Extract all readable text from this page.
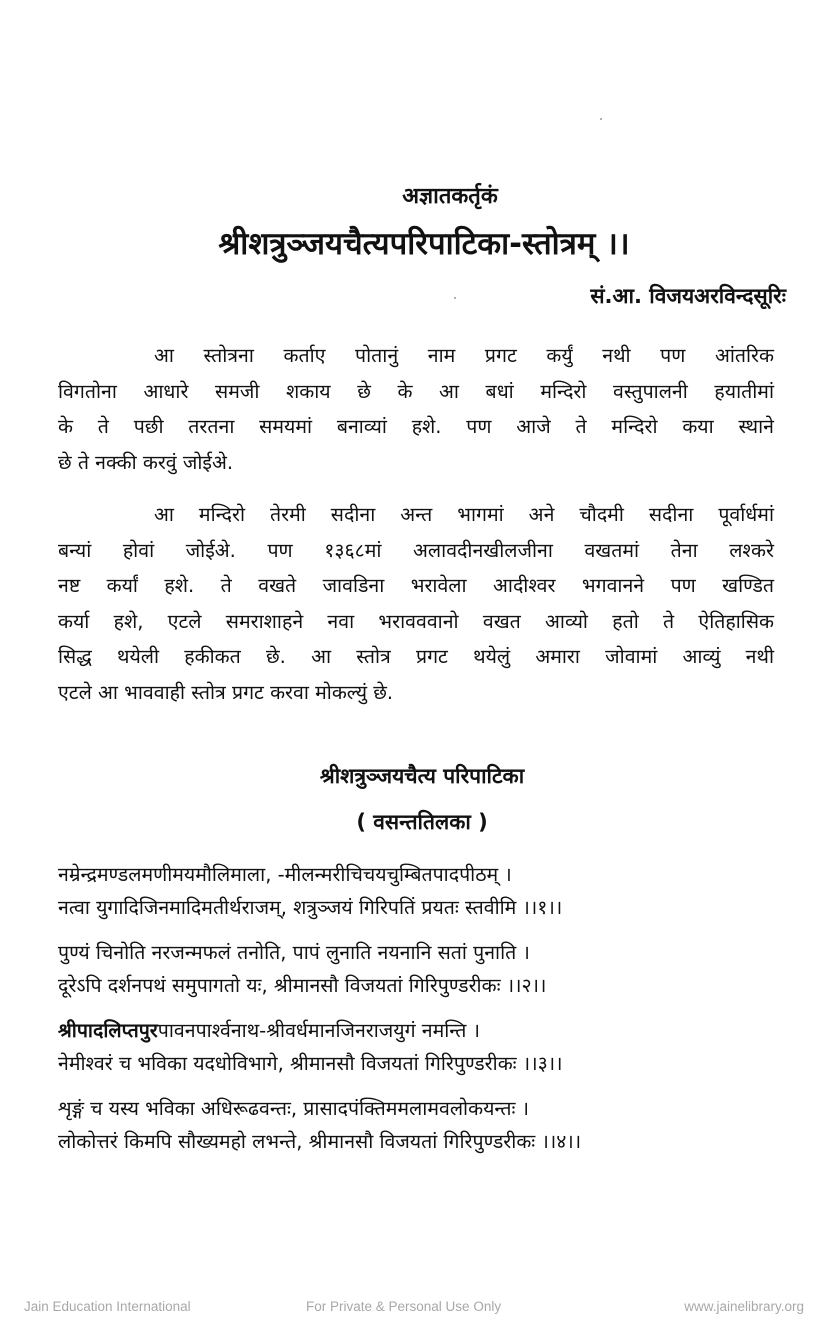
अज्ञातकर्तृकं
श्रीशत्रुञ्जयचैत्यपरिपाटिका-स्तोत्रम् ।।
सं.आ. विजयअरविन्दसूरिः
आ स्तोत्रना कर्ताए पोतानुं नाम प्रगट कर्युं नथी पण आंतरिक
विगतोना आधारे समजी शकाय छे के आ बधां मन्दिरो वस्तुपालनी हयातीमां
के ते पछी तरतना समयमां बनाव्यां हशे. पण आजे ते मन्दिरो कया स्थाने
छे ते नक्की करवुं जोईअे.
आ मन्दिरो तेरमी सदीना अन्त भागमां अने चौदमी सदीना पूर्वार्धमां
बन्यां होवां जोईअे. पण १३६८मां अलावदीनखीलजीना वखतमां तेना लश्करे
नष्ट कर्यां हशे. ते वखते जावडिना भरावेला आदीश्वर भगवानने पण खण्डित
कर्या हशे, एटले समराशाहने नवा भरावववानो वखत आव्यो हतो ते ऐतिहासिक
सिद्ध थयेली हकीकत छे. आ स्तोत्र प्रगट थयेलुं अमारा जोवामां आव्युं नथी
एटले आ भाववाही स्तोत्र प्रगट करवा मोकल्युं छे.
श्रीशत्रुञ्जयचैत्य परिपाटिका
( वसन्ततिलका )
नम्रेन्द्रमण्डलमणीमयमौलिमाला, -मीलन्मरीचिचयचुम्बितपादपीठम् ।
नत्वा युगादिजिनमादिमतीर्थराजम्, शत्रुञ्जयं गिरिपतिं प्रयतः स्तवीमि ।।१।।
पुण्यं चिनोति नरजन्मफलं तनोति, पापं लुनाति नयनानि सतां पुनाति ।
दूरेऽपि दर्शनपथं समुपागतो यः, श्रीमानसौ विजयतां गिरिपुण्डरीकः ।।२।।
श्रीपादलिप्तपुरपावनपार्श्वनाथ-श्रीवर्धमानजिनराजयुगं नमन्ति ।
नेमीश्वरं च भविका यदधोविभागे, श्रीमानसौ विजयतां गिरिपुण्डरीकः ।।३।।
शृङ्गं च यस्य भविका अधिरूढवन्तः, प्रासादपंक्तिममलामवलोकयन्तः ।
लोकोत्तरं किमपि सौख्यमहो लभन्ते, श्रीमानसौ विजयतां गिरिपुण्डरीकः ।।४।।
Jain Education International	For Private & Personal Use Only	www.jainelibrary.org
